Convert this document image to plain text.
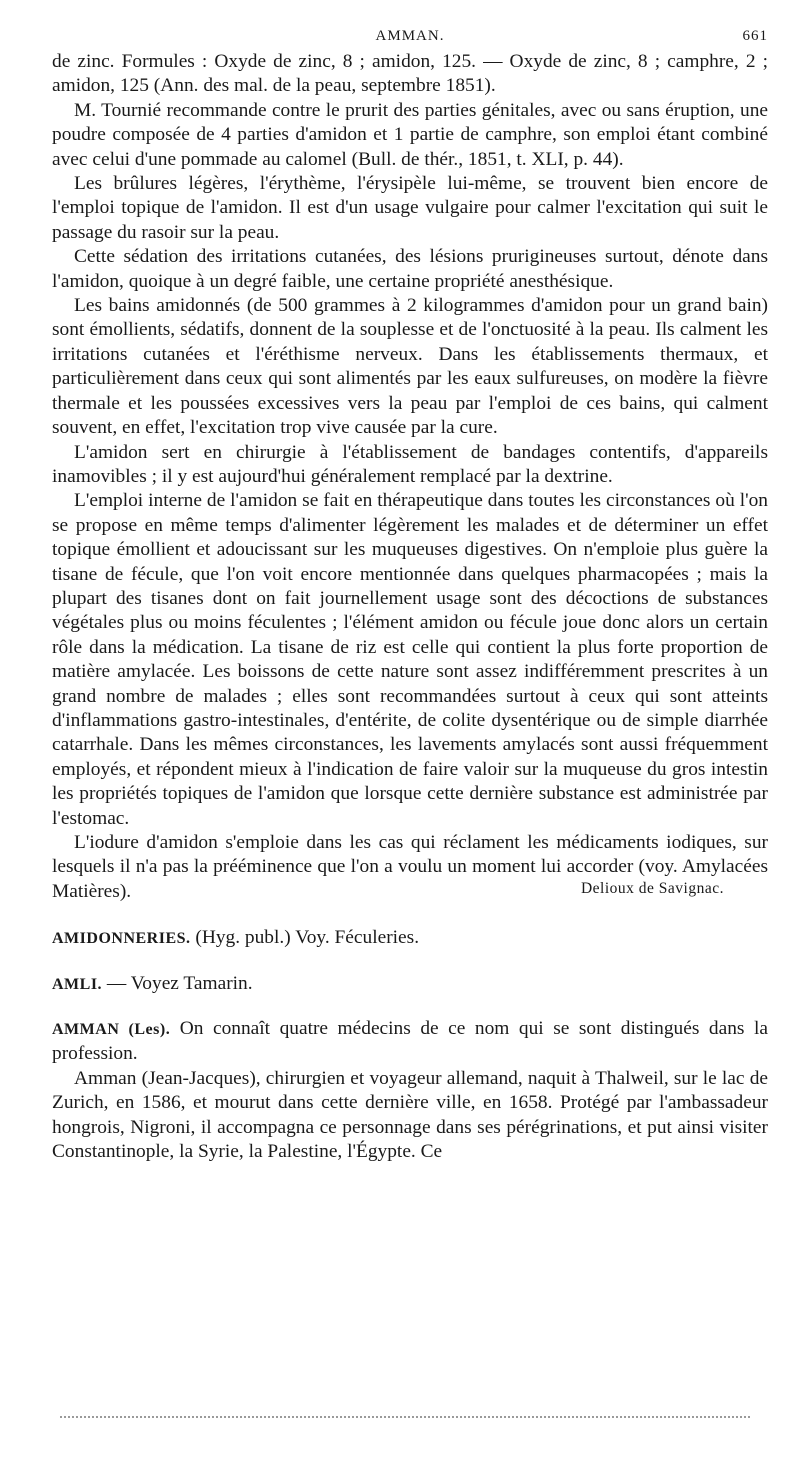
AMMAN.	661

de zinc. Formules : Oxyde de zinc, 8 ; amidon, 125. — Oxyde de zinc, 8 ; camphre, 2 ; amidon, 125 (Ann. des mal. de la peau, septembre 1851).

M. Tournié recommande contre le prurit des parties génitales, avec ou sans éruption, une poudre composée de 4 parties d'amidon et 1 partie de camphre, son emploi étant combiné avec celui d'une pommade au calomel (Bull. de thér., 1851, t. XLI, p. 44).

Les brûlures légères, l'érythème, l'érysipèle lui-même, se trouvent bien encore de l'emploi topique de l'amidon. Il est d'un usage vulgaire pour calmer l'excitation qui suit le passage du rasoir sur la peau.

Cette sédation des irritations cutanées, des lésions prurigineuses surtout, dénote dans l'amidon, quoique à un degré faible, une certaine propriété anesthésique.

Les bains amidonnés (de 500 grammes à 2 kilogrammes d'amidon pour un grand bain) sont émollients, sédatifs, donnent de la souplesse et de l'onctuosité à la peau. Ils calment les irritations cutanées et l'éréthisme nerveux. Dans les établissements thermaux, et particulièrement dans ceux qui sont alimentés par les eaux sulfureuses, on modère la fièvre thermale et les poussées excessives vers la peau par l'emploi de ces bains, qui calment souvent, en effet, l'excitation trop vive causée par la cure.

L'amidon sert en chirurgie à l'établissement de bandages contentifs, d'appareils inamovibles ; il y est aujourd'hui généralement remplacé par la dextrine.

L'emploi interne de l'amidon se fait en thérapeutique dans toutes les circonstances où l'on se propose en même temps d'alimenter légèrement les malades et de déterminer un effet topique émollient et adoucissant sur les muqueuses digestives. On n'emploie plus guère la tisane de fécule, que l'on voit encore mentionnée dans quelques pharmacopées ; mais la plupart des tisanes dont on fait journellement usage sont des décoctions de substances végétales plus ou moins féculentes ; l'élément amidon ou fécule joue donc alors un certain rôle dans la médication. La tisane de riz est celle qui contient la plus forte proportion de matière amylacée. Les boissons de cette nature sont assez indifféremment prescrites à un grand nombre de malades ; elles sont recommandées surtout à ceux qui sont atteints d'inflammations gastro-intestinales, d'entérite, de colite dysentérique ou de simple diarrhée catarrhale. Dans les mêmes circonstances, les lavements amylacés sont aussi fréquemment employés, et répondent mieux à l'indication de faire valoir sur la muqueuse du gros intestin les propriétés topiques de l'amidon que lorsque cette dernière substance est administrée par l'estomac.

L'iodure d'amidon s'emploie dans les cas qui réclament les médicaments iodiques, sur lesquels il n'a pas la prééminence que l'on a voulu un moment lui accorder (voy. Amylacées Matières).	Delioux de Savignac.

AMIDONNERIES. (Hyg. publ.) Voy. Féculeries.

AMLI. — Voyez Tamarin.

AMMAN (Les). On connaît quatre médecins de ce nom qui se sont distingués dans la profession.

Amman (Jean-Jacques), chirurgien et voyageur allemand, naquit à Thalweil, sur le lac de Zurich, en 1586, et mourut dans cette dernière ville, en 1658. Protégé par l'ambassadeur hongrois, Nigroni, il accompagna ce personnage dans ses pérégrinations, et put ainsi visiter Constantinople, la Syrie, la Palestine, l'Égypte. Ce
